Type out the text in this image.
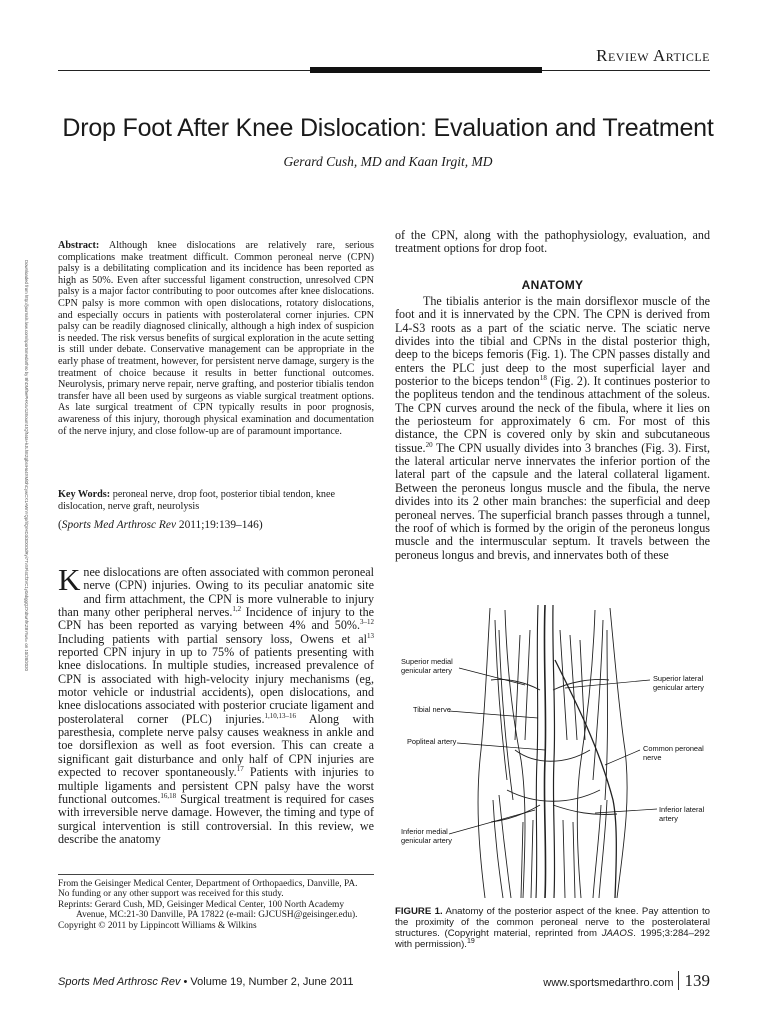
Review Article
Drop Foot After Knee Dislocation: Evaluation and Treatment
Gerard Cush, MD and Kaan Irgit, MD
Downloaded from http://journals.lww.com/sportsmedarthro by BhDMf5ePHKav1zEoum1tQfN4a+kJLhEZgbsIHo4XMi0hCywCX1AWnYQp/IlQrHD3i3D0OdRyi7TvSFl4Cf3VC1y0abggQZXdtwnfKZBYtws= on 10/28/2020
Abstract: Although knee dislocations are relatively rare, serious complications make treatment difficult. Common peroneal nerve (CPN) palsy is a debilitating complication and its incidence has been reported as high as 50%. Even after successful ligament construction, unresolved CPN palsy is a major factor contributing to poor outcomes after knee dislocations. CPN palsy is more common with open dislocations, rotatory dislocations, and especially occurs in patients with posterolateral corner injuries. CPN palsy can be readily diagnosed clinically, although a high index of suspicion is needed. The risk versus benefits of surgical exploration in the acute setting is still under debate. Conservative management can be appropriate in the early phase of treatment, however, for persistent nerve damage, surgery is the treatment of choice because it results in better functional outcomes. Neurolysis, primary nerve repair, nerve grafting, and posterior tibialis tendon transfer have all been used by surgeons as viable surgical treatment options. As late surgical treatment of CPN typically results in poor prognosis, awareness of this injury, thorough physical examination and documentation of the nerve injury, and close follow-up are of paramount importance.
Key Words: peroneal nerve, drop foot, posterior tibial tendon, knee dislocation, nerve graft, neurolysis
(Sports Med Arthrosc Rev 2011;19:139–146)
Knee dislocations are often associated with common peroneal nerve (CPN) injuries. Owing to its peculiar anatomic site and firm attachment, the CPN is more vulnerable to injury than many other peripheral nerves.$^{1,2}$ Incidence of injury to the CPN has been reported as varying between 4% and 50%.$^{3-12}$ Including patients with partial sensory loss, Owens et $al^{13}$ reported CPN injury in up to 75% of patients presenting with knee dislocations. In multiple studies, increased prevalence of CPN is associated with high-velocity injury mechanisms (eg, motor vehicle or industrial accidents), open dislocations, and knee dislocations associated with posterior cruciate ligament and posterolateral corner (PLC) injuries.$^{1,10,13-16}$ Along with paresthesia, complete nerve palsy causes weakness in ankle and toe dorsiflexion as well as foot eversion. This can create a significant gait disturbance and only half of CPN injuries are expected to recover spontaneously.$^{17}$ Patients with injuries to multiple ligaments and persistent CPN palsy have the worst functional outcomes.$^{16,18}$ Surgical treatment is required for cases with irreversible nerve damage. However, the timing and type of surgical intervention is still controversial. In this review, we describe the anatomy

From the Geisinger Medical Center, Department of Orthopaedics, Danville, PA.

No funding or any other support was received for this study.

Reprints: Gerard Cush, MD, Geisinger Medical Center, 100 North Academy Avenue, MC:21-30 Danville, PA 17822 (e-mail: GJCUSH@geisinger.edu).

Copyright © 2011 by Lippincott Williams & Wilkins

of the CPN, along with the pathophysiology, evaluation, and treatment options for drop foot.
ANATOMY
The tibialis anterior is the main dorsiflexor muscle of the foot and it is innervated by the CPN. The CPN is derived from L4-S3 roots as a part of the sciatic nerve. The sciatic nerve divides into the tibial and CPNs in the distal posterior thigh, deep to the biceps femoris (Fig. 1). The CPN passes distally and enters the PLC just deep to the most superficial layer and posterior to the biceps tendon$^{18}$ (Fig. 2). It continues posterior to the popliteus tendon and the tendinous attachment of the soleus. The CPN curves around the neck of the fibula, where it lies on the periosteum for approximately 6 cm. For most of this distance, the CPN is covered only by skin and subcutaneous tissue.$^{20}$ The CPN usually divides into 3 branches (Fig. 3). First, the lateral articular nerve innervates the inferior portion of the lateral part of the capsule and the lateral collateral ligament. Between the peroneus longus muscle and the fibula, the nerve divides into its 2 other main branches: the superficial and deep peroneal nerves. The superficial branch passes through a tunnel, the roof of which is formed by the origin of the peroneus longus muscle and the intermuscular septum. It travels between the peroneus longus and brevis, and innervates both of these
Superior medial genicular artery
Tibial nerve
Popliteal artery
Inferior medial genicular artery
Superior lateral genicular artery
Common peroneal nerve
Inferior lateral artery
FIGURE 1. Anatomy of the posterior aspect of the knee. Pay attention to the proximity of the common peroneal nerve to the posterolateral structures. (Copyright material, reprinted from JAAOS. 1995;3:284–292 with permission).$^{19}$
Sports Med Arthrosc Rev • Volume 19, Number 2, June 2011	www.sportsmedarthro.com 139
